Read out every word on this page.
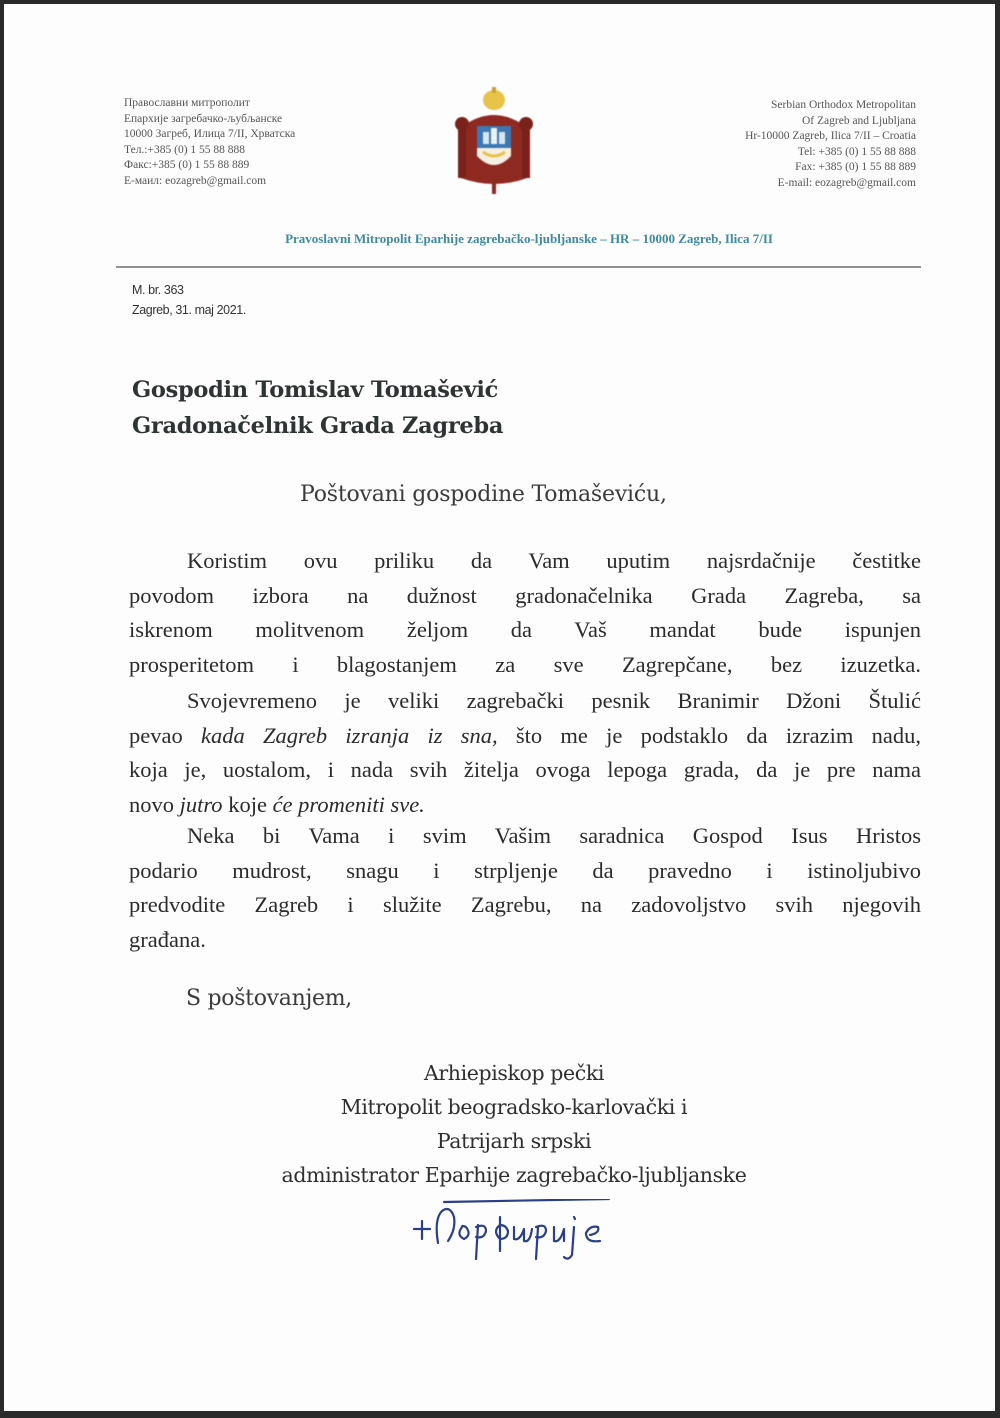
Православни митрополит
Епархије загребачко-љубљанске
10000 Загреб, Илица 7/II, Хрватска
Тел.:+385 (0) 1 55 88 888
Факс:+385 (0) 1 55 88 889
Е-маил: eozagreb@gmail.com
Serbian Orthodox Metropolitan
Of Zagreb and Ljubljana
Hr-10000 Zagreb, Ilica 7/II – Croatia
Tel: +385 (0) 1 55 88 888
Fax: +385 (0) 1 55 88 889
E-mail: eozagreb@gmail.com
Pravoslavni Mitropolit Eparhije zagrebačko-ljubljanske – HR – 10000 Zagreb, Ilica 7/II
M. br. 363
Zagreb, 31. maj 2021.
Gospodin Tomislav Tomašević
Gradonačelnik Grada Zagreba
Poštovani gospodine Tomaševiću,
Koristim ovu priliku da Vam uputim najsrdačnije čestitke
povodom izbora na dužnost gradonačelnika Grada Zagreba, sa
iskrenom molitvenom željom da Vaš mandat bude ispunjen
prosperitetom i blagostanjem za sve Zagrepčane, bez izuzetka.
Svojevremeno je veliki zagrebački pesnik Branimir Džoni Štulić
pevao kada Zagreb izranja iz sna, što me je podstaklo da izrazim nadu,
koja je, uostalom, i nada svih žitelja ovoga lepoga grada, da je pre nama
novo jutro koje će promeniti sve.
Neka bi Vama i svim Vašim saradnica Gospod Isus Hristos
podario mudrost, snagu i strpljenje da pravedno i istinoljubivo
predvodite Zagreb i služite Zagrebu, na zadovoljstvo svih njegovih
građana.
S poštovanjem,
Arhiepiskop pečki
Mitropolit beogradsko-karlovački i
Patrijarh srpski
administrator Eparhije zagrebačko-ljubljanske
